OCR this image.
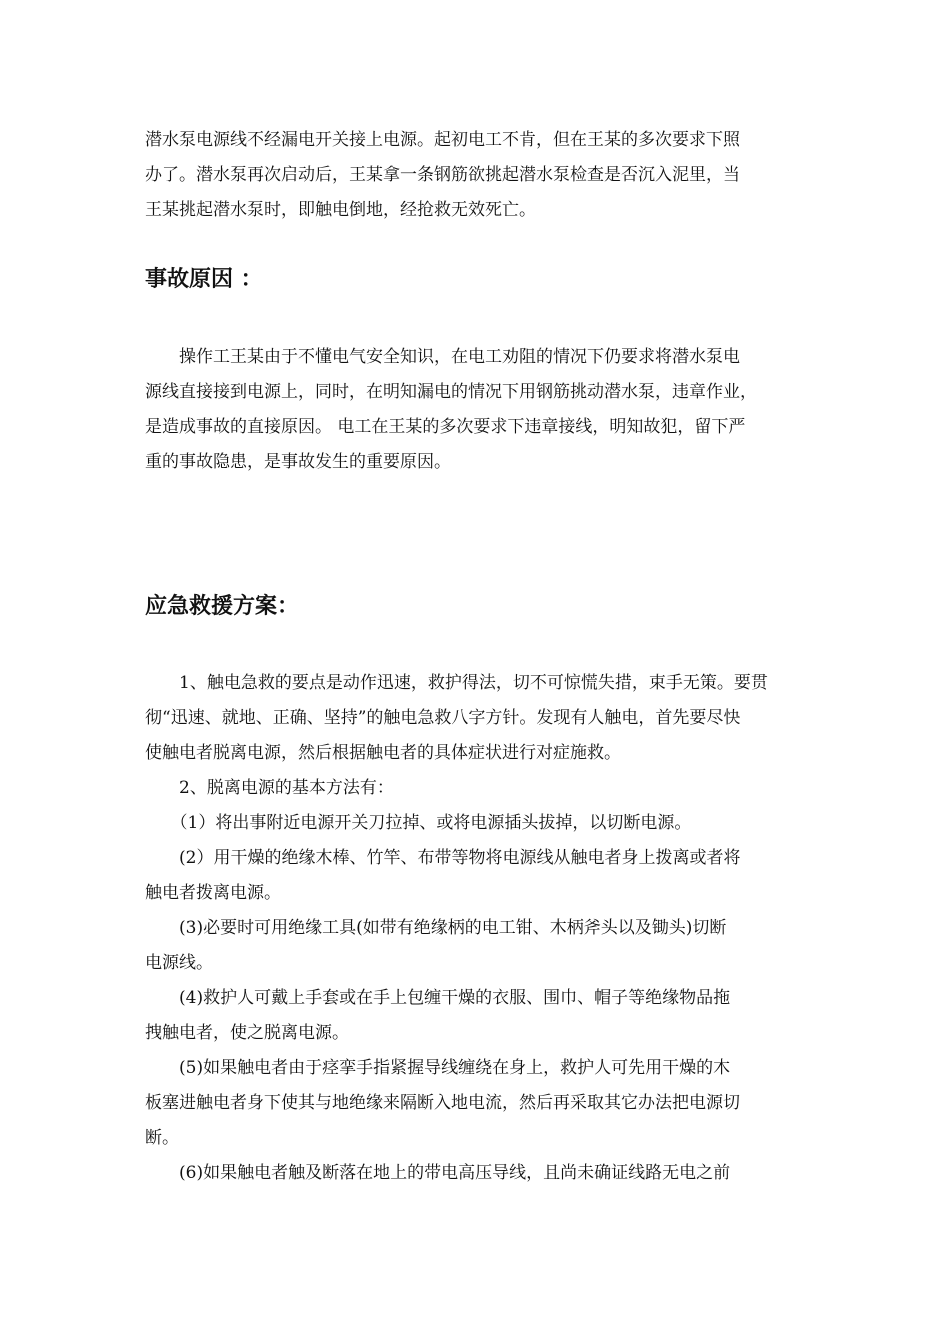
潜水泵电源线不经漏电开关接上电源。起初电工不肯，但在王某的多次要求下照
办了。潜水泵再次启动后，王某拿一条钢筋欲挑起潜水泵检查是否沉入泥里，当
王某挑起潜水泵时，即触电倒地，经抢救无效死亡。
事故原因 ：
　　操作工王某由于不懂电气安全知识，在电工劝阻的情况下仍要求将潜水泵电
源线直接接到电源上，同时，在明知漏电的情况下用钢筋挑动潜水泵，违章作业，
是造成事故的直接原因。 电工在王某的多次要求下违章接线，明知故犯，留下严
重的事故隐患，是事故发生的重要原因。
应急救援方案：
　　1、触电急救的要点是动作迅速，救护得法，切不可惊慌失措，束手无策。要贯
彻“迅速、就地、正确、坚持”的触电急救八字方针。发现有人触电，首先要尽快
使触电者脱离电源，然后根据触电者的具体症状进行对症施救。
　　2、脱离电源的基本方法有：
　　（1）将出事附近电源开关刀拉掉、或将电源插头拔掉，以切断电源。
　　(2）用干燥的绝缘木棒、竹竿、布带等物将电源线从触电者身上拨离或者将
触电者拨离电源。
　　(3)必要时可用绝缘工具(如带有绝缘柄的电工钳、木柄斧头以及锄头)切断
电源线。
　　(4)救护人可戴上手套或在手上包缠干燥的衣服、围巾、帽子等绝缘物品拖
拽触电者，使之脱离电源。
　　(5)如果触电者由于痉挛手指紧握导线缠绕在身上，救护人可先用干燥的木
板塞进触电者身下使其与地绝缘来隔断入地电流，然后再采取其它办法把电源切
断。
　　(6)如果触电者触及断落在地上的带电高压导线，且尚未确证线路无电之前
